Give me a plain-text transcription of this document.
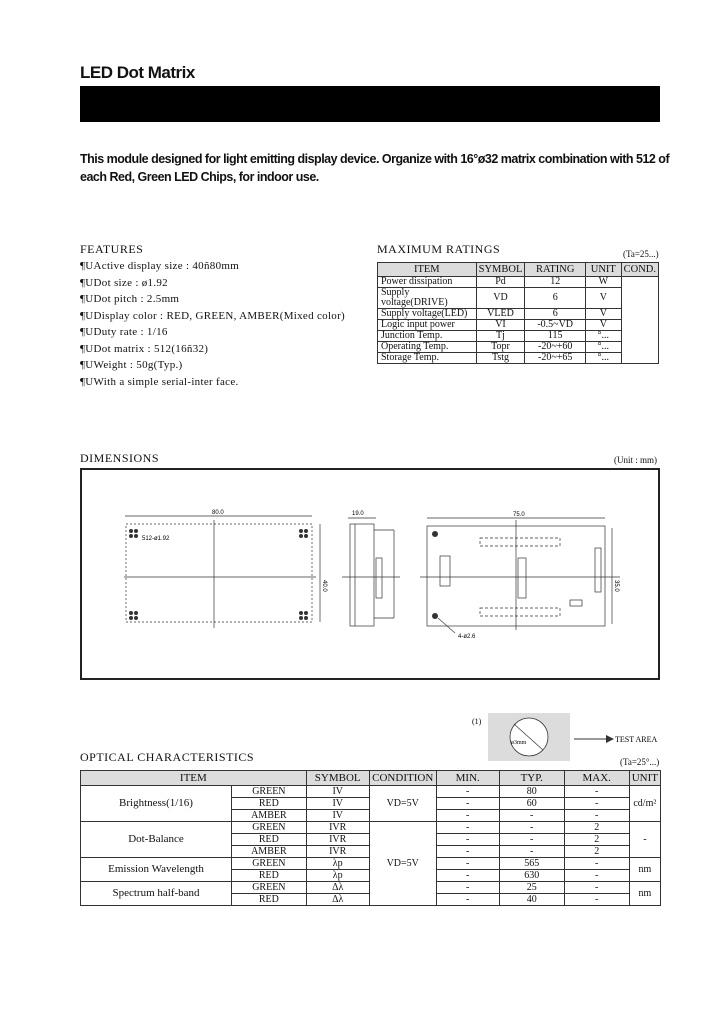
LED Dot Matrix
This module designed for light emitting display device. Organize with 16°ø32 matrix combination with 512 of each Red, Green LED Chips, for indoor use.
FEATURES
¶UActive display size : 40ñ80mm
¶UDot size : ø1.92
¶UDot pitch : 2.5mm
¶UDisplay color : RED, GREEN, AMBER(Mixed color)
¶UDuty rate : 1/16
¶UDot matrix : 512(16ñ32)
¶UWeight : 50g(Typ.)
¶UWith a simple serial-inter face.
MAXIMUM RATINGS	(Ta=25...)
ITEM	SYMBOL	RATING	UNIT	COND.
Power dissipation	Pd	12	W	
Supply voltage(DRIVE)	VD	6	V	
Supply voltage(LED)	VLED	6	V	
Logic input power	VI	-0.5~VD	V	
Junction Temp.	Tj	115	°...	
Operating Temp.	Topr	-20~+60	°...	
Storage Temp.	Tstg	-20~+65	°...	
DIMENSIONS	(Unit : mm)
80.0
512-ø1.92
40.0
19.0	75.0
35.0
4-ø2.6
(1)
ø3mm	TEST AREA
OPTICAL CHARACTERISTICS	(Ta=25°...)
ITEM		SYMBOL	CONDITION	MIN.	TYP.	MAX.	UNIT
Brightness(1/16)	GREEN	IV	VD=5V	-	80	-	cd/m²
	RED	IV		-	60	-	
	AMBER	IV		-	-	-	
Dot-Balance	GREEN	IVR	VD=5V	-	-	2	-
	RED	IVR		-	-	2	
	AMBER	IVR		-	-	2	
Emission Wavelength	GREEN	λp		-	565	-	nm
	RED	λp		-	630	-	
Spectrum half-band	GREEN	Δλ		-	25	-	nm
	RED	Δλ		-	40	-	
